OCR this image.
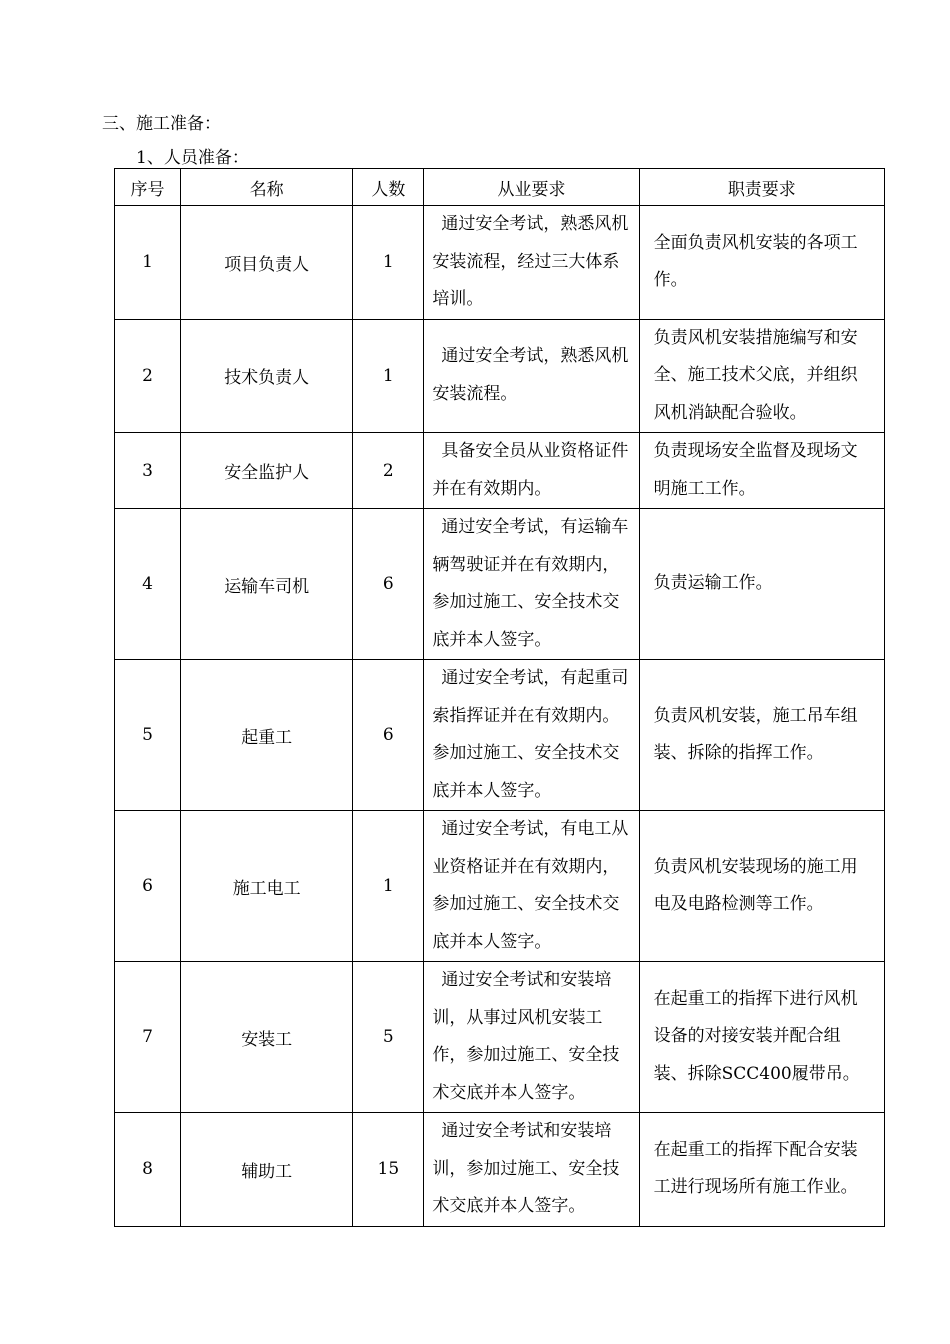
三、施工准备：
1、人员准备：
序号	名称	人数	从业要求	职责要求
1	项目负责人	1	通过安全考试，熟悉风机安装流程，经过三大体系培训。	全面负责风机安装的各项工作。

2	技术负责人	1	通过安全考试，熟悉风机安装流程。	负责风机安装措施编写和安全、施工技术父底，并组织风机消缺配合验收。

3	安全监护人	2	具备安全员从业资格证件并在有效期内。	负责现场安全监督及现场文明施工工作。

4	运输车司机	6	通过安全考试，有运输车辆驾驶证并在有效期内，参加过施工、安全技术交底并本人签字。	负责运输工作。

5	起重工	6	通过安全考试，有起重司索指挥证并在有效期内。参加过施工、安全技术交底并本人签字。	负责风机安装，施工吊车组装、拆除的指挥工作。

6	施工电工	1	通过安全考试，有电工从业资格证并在有效期内，参加过施工、安全技术交底并本人签字。	负责风机安装现场的施工用电及电路检测等工作。

7	安装工	5	通过安全考试和安装培训，从事过风机安装工作，参加过施工、安全技术交底并本人签字。	在起重工的指挥下进行风机设备的对接安装并配合组装、拆除SCC400履带吊。

8	辅助工	15	通过安全考试和安装培训，参加过施工、安全技术交底并本人签字。	在起重工的指挥下配合安装工进行现场所有施工作业。
